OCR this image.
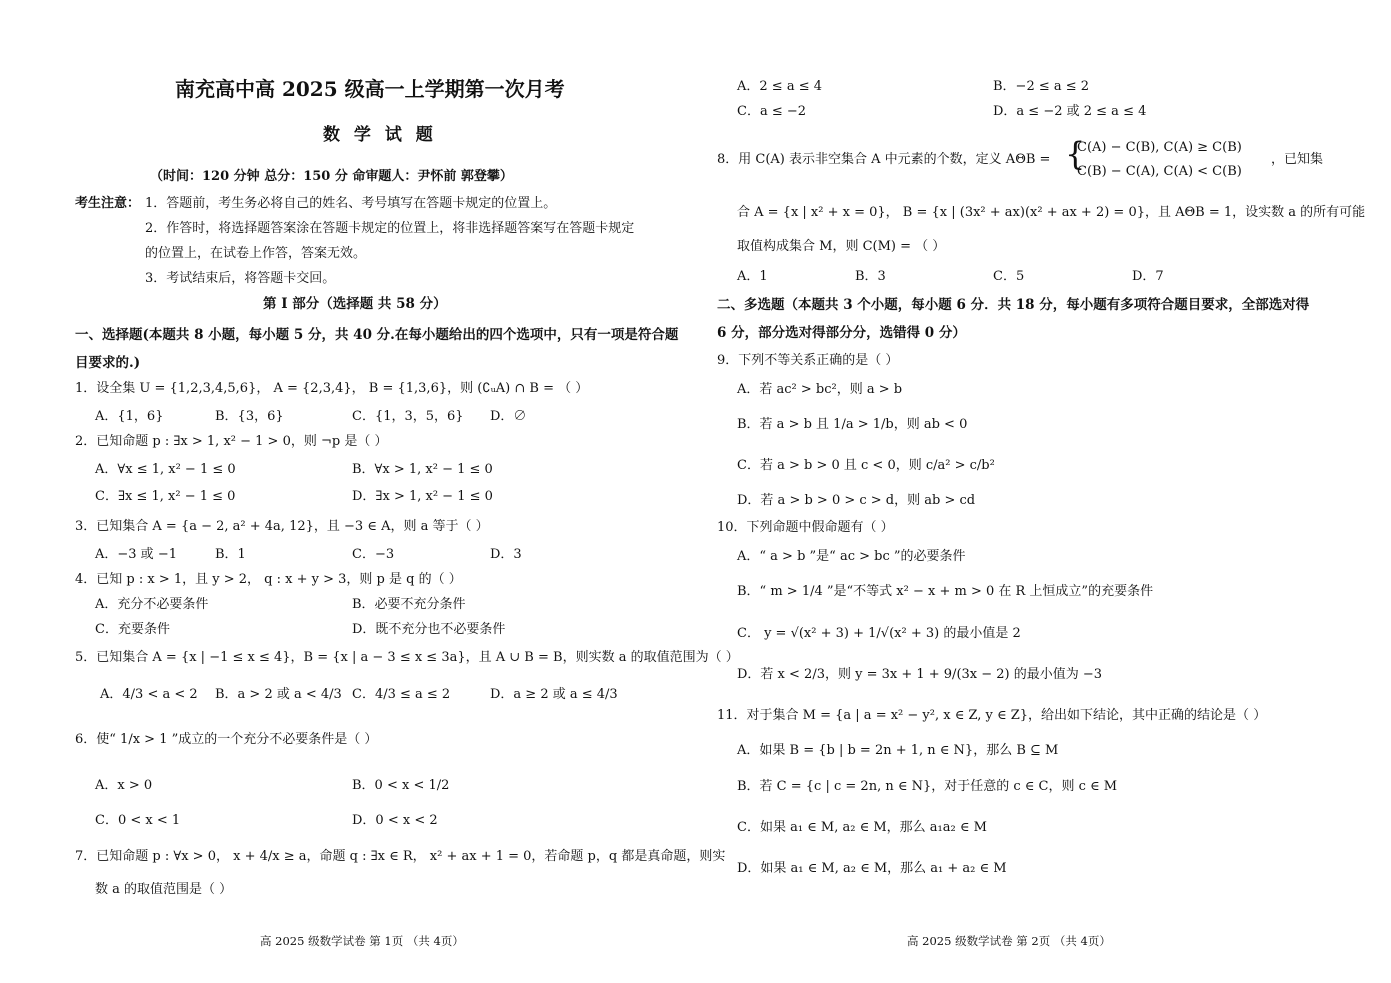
南充高中高 2025 级高一上学期第一次月考
数 学 试 题
（时间：120 分钟 总分：150 分 命审题人：尹怀前 郭登攀）
考生注意： 1．答题前，考生务必将自己的姓名、考号填写在答题卡规定的位置上。
2．作答时，将选择题答案涂在答题卡规定的位置上，将非选择题答案写在答题卡规定
的位置上，在试卷上作答，答案无效。
3．考试结束后，将答题卡交回。
第 I 部分（选择题 共 58 分）
一、选择题(本题共 8 小题，每小题 5 分，共 40 分.在每小题给出的四个选项中，只有一项是符合题
目要求的.)
1．设全集 U = {1,2,3,4,5,6}， A = {2,3,4}， B = {1,3,6}，则 (∁ᵤA) ∩ B = （ ）
A．{1，6}	B．{3，6}	C．{1，3，5，6} D．∅
2．已知命题 p : ∃x > 1, x² − 1 > 0，则 ¬p 是（ ）
A．∀x ≤ 1, x² − 1 ≤ 0	B．∀x > 1, x² − 1 ≤ 0
C．∃x ≤ 1, x² − 1 ≤ 0	D．∃x > 1, x² − 1 ≤ 0
3．已知集合 A = {a − 2, a² + 4a, 12}，且 −3 ∈ A，则 a 等于（ ）
A．−3 或 −1	B．1	C．−3	D．3
4．已知 p : x > 1，且 y > 2， q : x + y > 3，则 p 是 q 的（ ）
A．充分不必要条件	B．必要不充分条件
C．充要条件	D．既不充分也不必要条件
5．已知集合 A = {x | −1 ≤ x ≤ 4}，B = {x | a − 3 ≤ x ≤ 3a}，且 A ∪ B = B，则实数 a 的取值范围为（ ）
A．4/3 < a < 2 B．a > 2 或 a < 4/3 C．4/3 ≤ a ≤ 2	D．a ≥ 2 或 a ≤ 4/3
6．使“ 1/x > 1 ”成立的一个充分不必要条件是（ ）
A．x > 0	B．0 < x < 1/2
C．0 < x < 1	D．0 < x < 2
7．已知命题 p : ∀x > 0， x + 4/x ≥ a，命题 q : ∃x ∈ R， x² + ax + 1 = 0，若命题 p，q 都是真命题，则实
数 a 的取值范围是（ ）
高 2025 级数学试卷 第 1页 （共 4页）
A．2 ≤ a ≤ 4	B．−2 ≤ a ≤ 2
C．a ≤ −2	D．a ≤ −2 或 2 ≤ a ≤ 4
8．用 C(A) 表示非空集合 A 中元素的个数，定义 AΘB = {
C(A) − C(B), C(A) ≥ C(B)
C(B) − C(A), C(A) < C(B)
，已知集
合 A = {x | x² + x = 0}， B = {x | (3x² + ax)(x² + ax + 2) = 0}，且 AΘB = 1，设实数 a 的所有可能
取值构成集合 M，则 C(M) = （ ）
A．1	B．3	C．5	D．7
二、多选题（本题共 3 个小题，每小题 6 分．共 18 分，每小题有多项符合题目要求，全部选对得
6 分，部分选对得部分分，选错得 0 分）
9．下列不等关系正确的是（ ）
A．若 ac² > bc²，则 a > b
B．若 a > b 且 1/a > 1/b，则 ab < 0
C．若 a > b > 0 且 c < 0，则 c/a² > c/b²
D．若 a > b > 0 > c > d，则 ab > cd
10．下列命题中假命题有（ ）
A．“ a > b ”是“ ac > bc ”的必要条件
B．“ m > 1/4 ”是“不等式 x² − x + m > 0 在 R 上恒成立”的充要条件
C． y = √(x² + 3) + 1/√(x² + 3) 的最小值是 2
D．若 x < 2/3，则 y = 3x + 1 + 9/(3x − 2) 的最小值为 −3
11．对于集合 M = {a | a = x² − y², x ∈ Z, y ∈ Z}，给出如下结论，其中正确的结论是（ ）
A．如果 B = {b | b = 2n + 1, n ∈ N}，那么 B ⊆ M
B．若 C = {c | c = 2n, n ∈ N}，对于任意的 c ∈ C，则 c ∈ M
C．如果 a₁ ∈ M, a₂ ∈ M，那么 a₁a₂ ∈ M
D．如果 a₁ ∈ M, a₂ ∈ M，那么 a₁ + a₂ ∈ M
高 2025 级数学试卷 第 2页 （共 4页）
